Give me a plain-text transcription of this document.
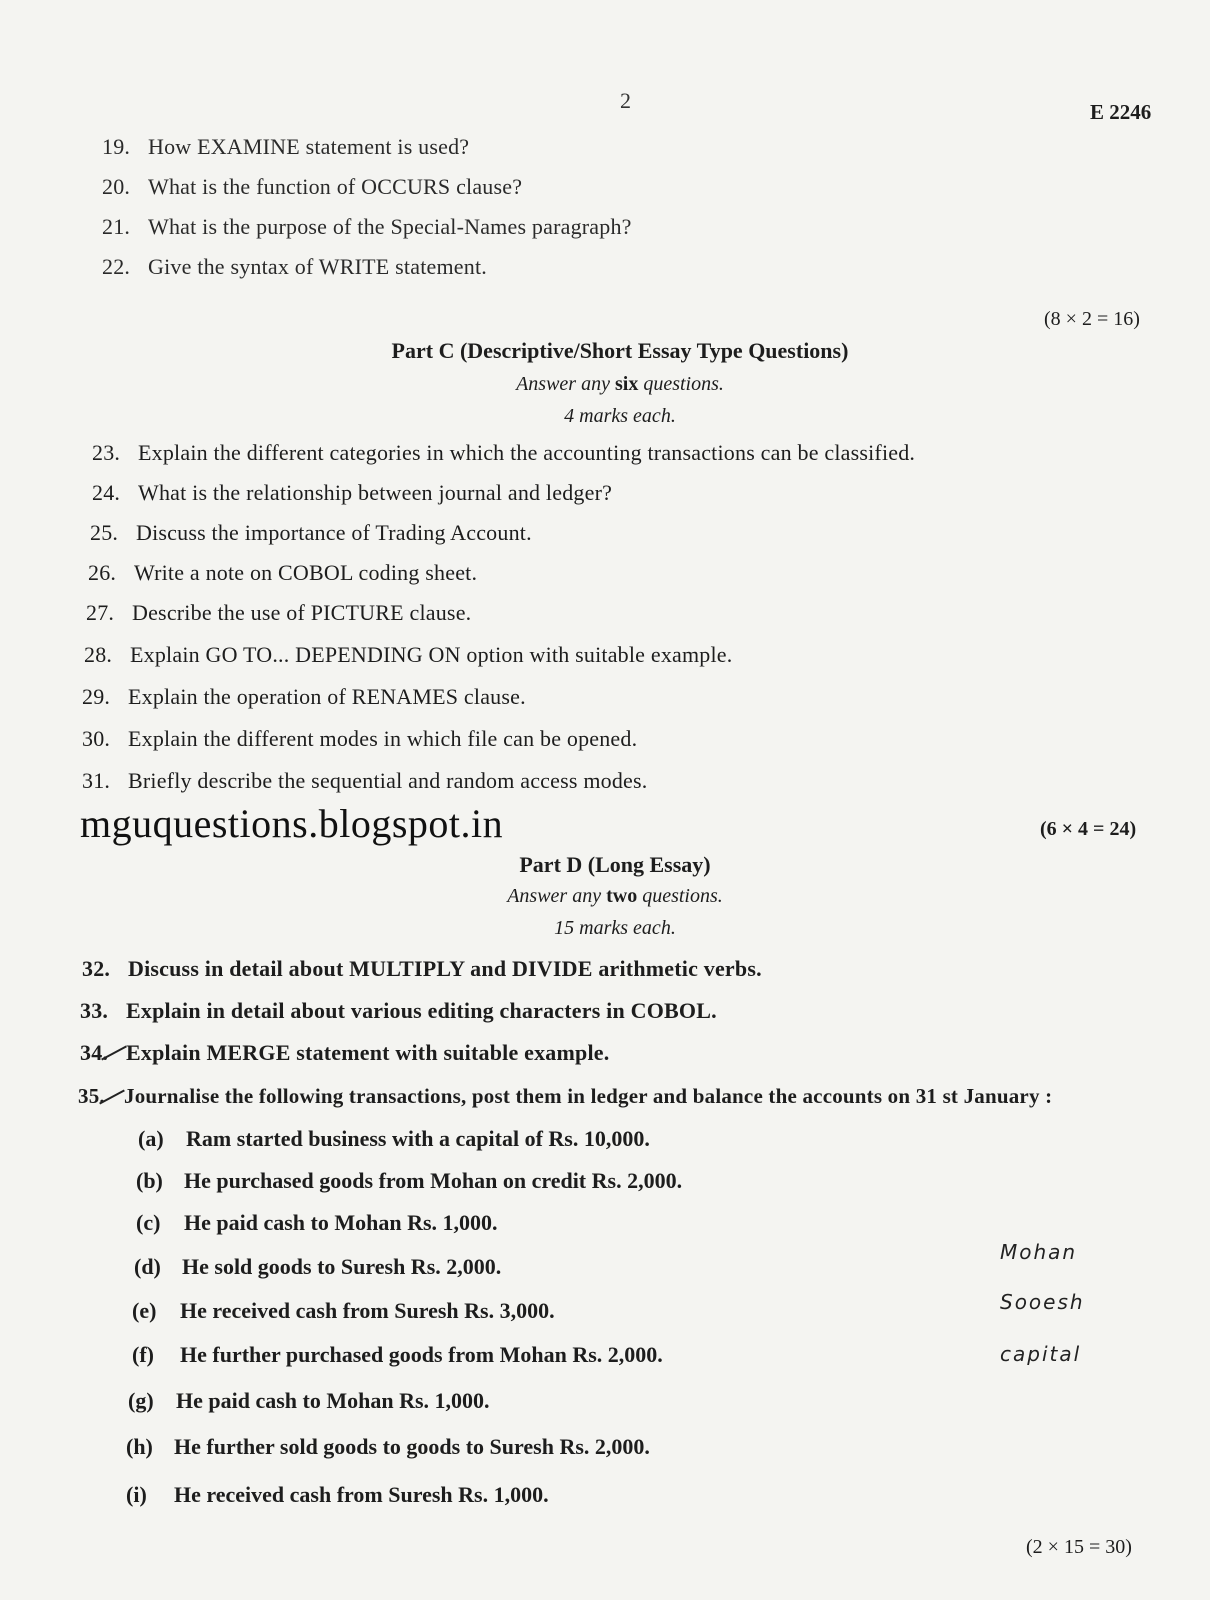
2	E 2246
19. How EXAMINE statement is used?
20. What is the function of OCCURS clause?
21. What is the purpose of the Special-Names paragraph?
22. Give the syntax of WRITE statement.
(8 × 2 = 16)
Part C (Descriptive/Short Essay Type Questions)
Answer any six questions.
4 marks each.
23. Explain the different categories in which the accounting transactions can be classified.
24. What is the relationship between journal and ledger?
25. Discuss the importance of Trading Account.
26. Write a note on COBOL coding sheet.
27. Describe the use of PICTURE clause.
28. Explain GO TO... DEPENDING ON option with suitable example.
29. Explain the operation of RENAMES clause.
30. Explain the different modes in which file can be opened.
31. Briefly describe the sequential and random access modes.
mguquestions.blogspot.in	(6 × 4 = 24)
Part D (Long Essay)
Answer any two questions.
15 marks each.
32. Discuss in detail about MULTIPLY and DIVIDE arithmetic verbs.
33. Explain in detail about various editing characters in COBOL.
34. Explain MERGE statement with suitable example.
35. Journalise the following transactions, post them in ledger and balance the accounts on 31 st January :
(a) Ram started business with a capital of Rs. 10,000.
(b) He purchased goods from Mohan on credit Rs. 2,000.
(c) He paid cash to Mohan Rs. 1,000.
(d) He sold goods to Suresh Rs. 2,000.
(e) He received cash from Suresh Rs. 3,000.
(f) He further purchased goods from Mohan Rs. 2,000.
(g) He paid cash to Mohan Rs. 1,000.
(h) He further sold goods to goods to Suresh Rs. 2,000.
(i) He received cash from Suresh Rs. 1,000.
Mohan
Sooesh
capital
(2 × 15 = 30)
